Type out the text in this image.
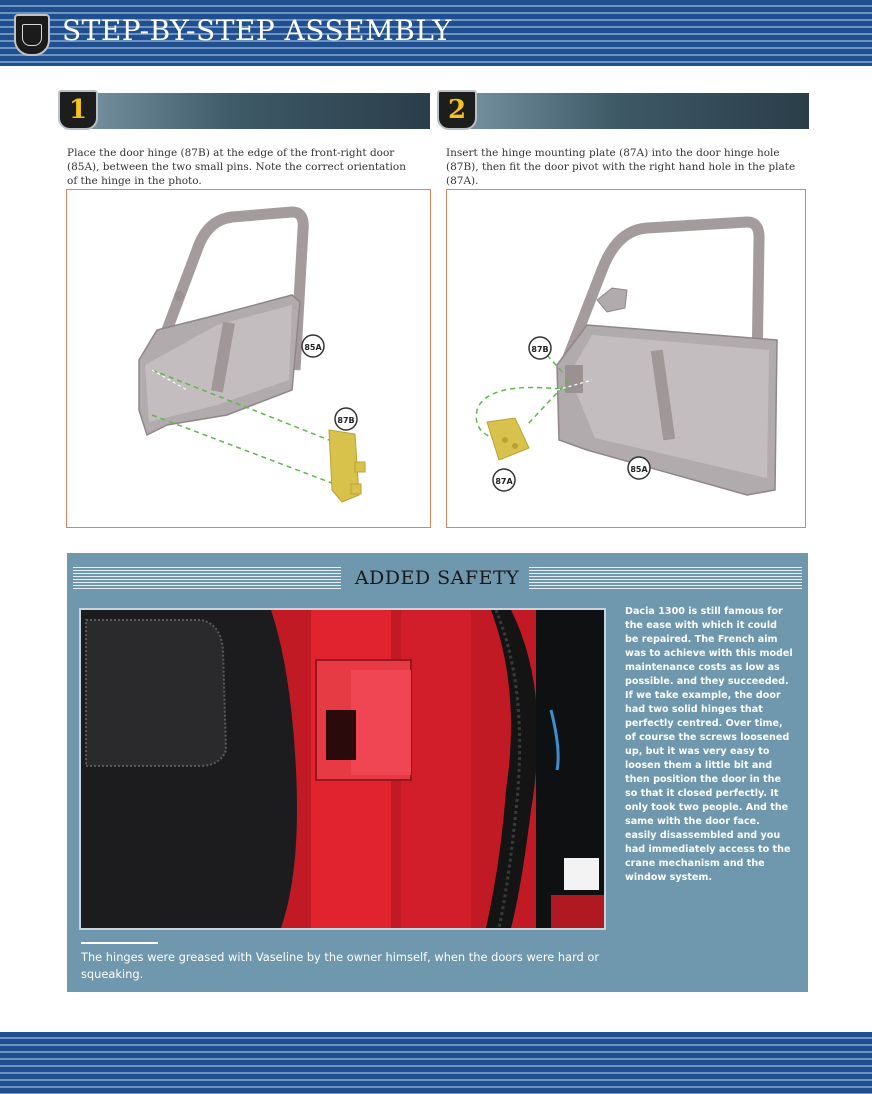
STEP-BY-STEP ASSEMBLY
1
Place the door hinge (87B) at the edge of the front-right door (85A), between the two small pins. Note the correct orientation of the hinge in the photo.
85A
87B
2
Insert the hinge mounting plate (87A) into the door hinge hole (87B), then fit the door pivot with the right hand hole in the plate (87A).
87B
87A
85A
ADDED SAFETY
Dacia 1300 is still famous for the ease with which it could be repaired. The French aim was to achieve with this model maintenance costs as low as possible. and they succeeded. If we take example, the door had two solid hinges that perfectly centred. Over time, of course the screws loosened up, but it was very easy to loosen them a little bit and then position the door in the so that it closed perfectly. It only took two people. And the same with the door face. easily disassembled and you had immediately access to the crane mechanism and the window system.
The hinges were greased with Vaseline by the owner himself, when the doors were hard or squeaking.
